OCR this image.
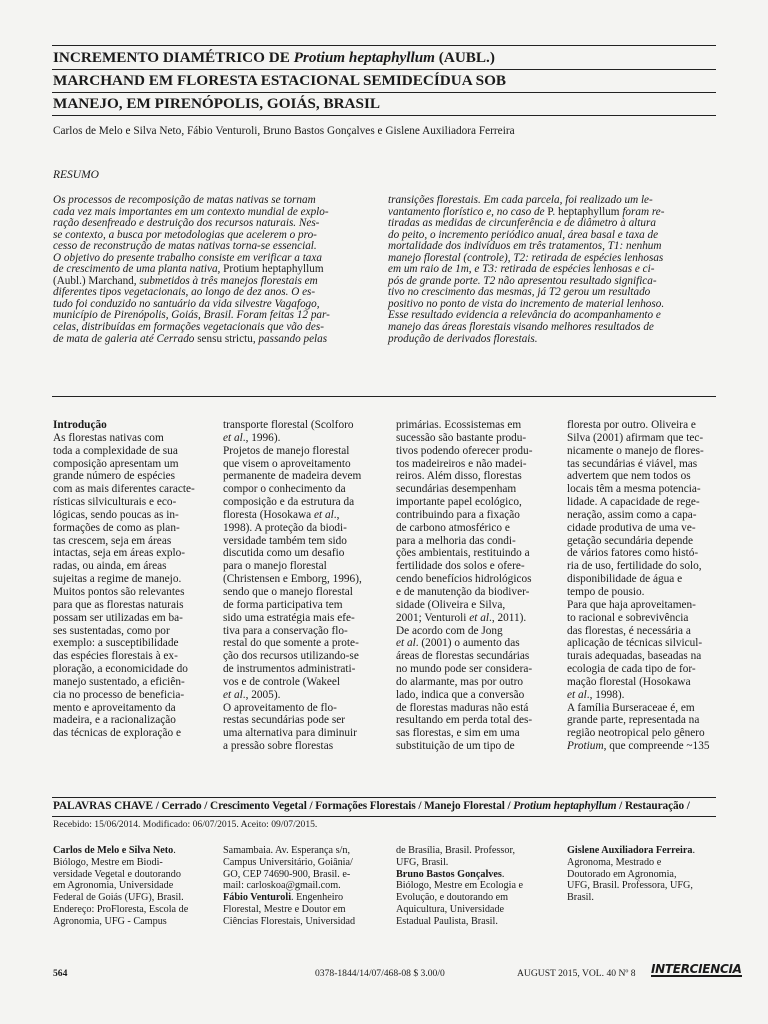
INCREMENTO DIAMÉTRICO DE Protium heptaphyllum (AUBL.)
MARCHAND EM FLORESTA ESTACIONAL SEMIDECÍDUA SOB
MANEJO, EM PIRENÓPOLIS, GOIÁS, BRASIL
Carlos de Melo e Silva Neto, Fábio Venturoli, Bruno Bastos Gonçalves e Gislene Auxiliadora Ferreira
RESUMO

Os processos de recomposição de matas nativas se tornam
cada vez mais importantes em um contexto mundial de explo-
ração desenfreado e destruição dos recursos naturais. Nes-
se contexto, a busca por metodologias que acelerem o pro-
cesso de reconstrução de matas nativas torna-se essencial.
O objetivo do presente trabalho consiste em verificar a taxa
de crescimento de uma planta nativa, Protium heptaphyllum
(Aubl.) Marchand, submetidos à três manejos florestais em
diferentes tipos vegetacionais, ao longo de dez anos. O es-
tudo foi conduzido no santuário da vida silvestre Vagafogo,
município de Pirenópolis, Goiás, Brasil. Foram feitas 12 par-
celas, distribuídas em formações vegetacionais que vão des-
de mata de galeria até Cerrado sensu strictu, passando pelas

transições florestais. Em cada parcela, foi realizado um le-
vantamento florístico e, no caso de P. heptaphyllum foram re-
tiradas as medidas de circunferência e de diâmetro à altura
do peito, o incremento periódico anual, área basal e taxa de
mortalidade dos indivíduos em três tratamentos, T1: nenhum
manejo florestal (controle), T2: retirada de espécies lenhosas
em um raio de 1m, e T3: retirada de espécies lenhosas e ci-
pós de grande porte. T2 não apresentou resultado significa-
tivo no crescimento das mesmas, já T2 gerou um resultado
positivo no ponto de vista do incremento de material lenhoso.
Esse resultado evidencia a relevância do acompanhamento e
manejo das áreas florestais visando melhores resultados de
produção de derivados florestais.

Introdução
As florestas nativas com
toda a complexidade de sua
composição apresentam um
grande número de espécies
com as mais diferentes caracte-
rísticas silviculturais e eco-
lógicas, sendo poucas as in-
formações de como as plan-
tas crescem, seja em áreas
intactas, seja em áreas explo-
radas, ou ainda, em áreas
sujeitas a regime de manejo.
Muitos pontos são relevantes
para que as florestas naturais
possam ser utilizadas em ba-
ses sustentadas, como por
exemplo: a susceptibilidade
das espécies florestais à ex-
ploração, a economicidade do
manejo sustentado, a eficiên-
cia no processo de beneficia-
mento e aproveitamento da
madeira, e a racionalização
das técnicas de exploração e

transporte florestal (Scolforo
et al., 1996).
Projetos de manejo florestal
que visem o aproveitamento
permanente de madeira devem
compor o conhecimento da
composição e da estrutura da
floresta (Hosokawa et al.,
1998). A proteção da biodi-
versidade também tem sido
discutida como um desafio
para o manejo florestal
(Christensen e Emborg, 1996),
sendo que o manejo florestal
de forma participativa tem
sido uma estratégia mais efe-
tiva para a conservação flo-
restal do que somente a prote-
ção dos recursos utilizando-se
de instrumentos administrati-
vos e de controle (Wakeel
et al., 2005).
O aproveitamento de flo-
restas secundárias pode ser
uma alternativa para diminuir
a pressão sobre florestas

primárias. Ecossistemas em
sucessão são bastante produ-
tivos podendo oferecer produ-
tos madeireiros e não madei-
reiros. Além disso, florestas
secundárias desempenham
importante papel ecológico,
contribuindo para a fixação
de carbono atmosférico e
para a melhoria das condi-
ções ambientais, restituindo a
fertilidade dos solos e ofere-
cendo benefícios hidrológicos
e de manutenção da biodiver-
sidade (Oliveira e Silva,
2001; Venturoli et al., 2011).
De acordo com de Jong
et al. (2001) o aumento das
áreas de florestas secundárias
no mundo pode ser considera-
do alarmante, mas por outro
lado, indica que a conversão
de florestas maduras não está
resultando em perda total des-
sas florestas, e sim em uma
substituição de um tipo de

floresta por outro. Oliveira e
Silva (2001) afirmam que tec-
nicamente o manejo de flores-
tas secundárias é viável, mas
advertem que nem todos os
locais têm a mesma potencia-
lidade. A capacidade de rege-
neração, assim como a capa-
cidade produtiva de uma ve-
getação secundária depende
de vários fatores como histó-
ria de uso, fertilidade do solo,
disponibilidade de água e
tempo de pousio.
Para que haja aproveitamen-
to racional e sobrevivência
das florestas, é necessária a
aplicação de técnicas silvicul-
turais adequadas, baseadas na
ecologia de cada tipo de for-
mação florestal (Hosokawa
et al., 1998).
A família Burseraceae é, em
grande parte, representada na
região neotropical pelo gênero
Protium, que compreende ~135

PALAVRAS CHAVE / Cerrado / Crescimento Vegetal / Formações Florestais / Manejo Florestal / Protium heptaphyllum / Restauração /
Recebido: 15/06/2014. Modificado: 06/07/2015. Aceito: 09/07/2015.

Carlos de Melo e Silva Neto.
Biólogo, Mestre em Biodi-
versidade Vegetal e doutorando
em Agronomia, Universidade
Federal de Goiás (UFG), Brasil.
Endereço: ProFloresta, Escola de
Agronomia, UFG - Campus

Samambaia. Av. Esperança s/n,
Campus Universitário, Goiânia/
GO, CEP 74690-900, Brasil. e-
mail: carloskoa@gmail.com.
Fábio Venturoli. Engenheiro
Florestal, Mestre e Doutor em
Ciências Florestais, Universidad

de Brasília, Brasil. Professor,
UFG, Brasil.
Bruno Bastos Gonçalves.
Biólogo, Mestre em Ecologia e
Evolução, e doutorando em
Aquicultura, Universidade
Estadual Paulista, Brasil.

Gislene Auxiliadora Ferreira.
Agronoma, Mestrado e
Doutorado em Agronomia,
UFG, Brasil. Professora, UFG,
Brasil.

564	0378-1844/14/07/468-08 $ 3.00/0	AUGUST 2015, VOL. 40 Nº 8 INTERCIENCIA
